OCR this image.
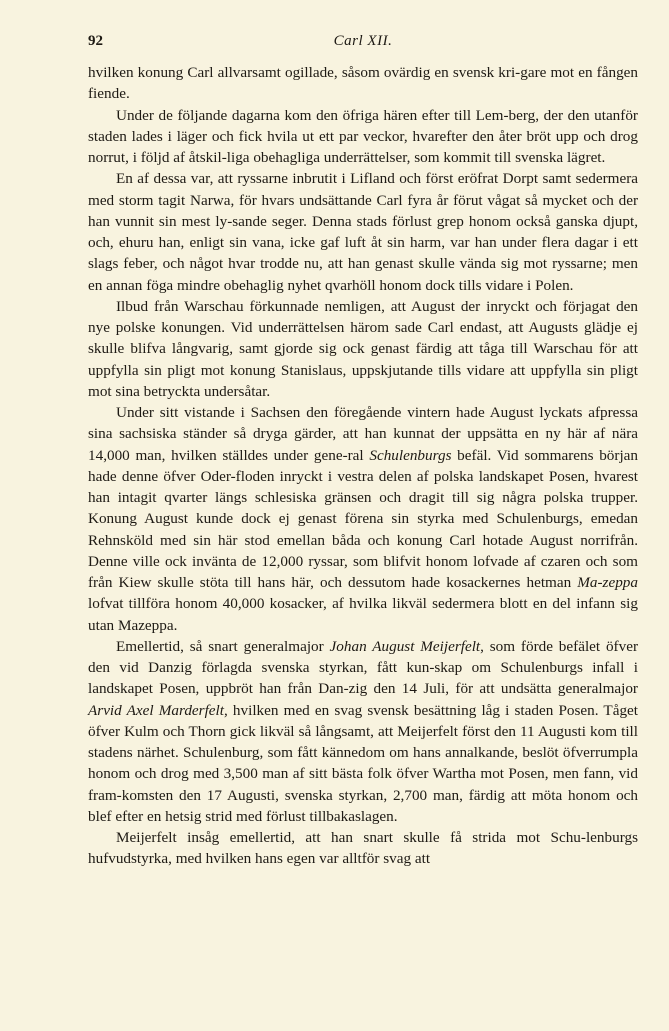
92	Carl XII.

hvilken konung Carl allvarsamt ogillade, såsom ovärdig en svensk kri-gare mot en fången fiende.

Under de följande dagarna kom den öfriga hären efter till Lem-berg, der den utanför staden lades i läger och fick hvila ut ett par veckor, hvarefter den åter bröt upp och drog norrut, i följd af åtskil-liga obehagliga underrättelser, som kommit till svenska lägret.

En af dessa var, att ryssarne inbrutit i Lifland och först eröfrat Dorpt samt sedermera med storm tagit Narwa, för hvars undsättande Carl fyra år förut vågat så mycket och der han vunnit sin mest ly-sande seger. Denna stads förlust grep honom också ganska djupt, och, ehuru han, enligt sin vana, icke gaf luft åt sin harm, var han under flera dagar i ett slags feber, och något hvar trodde nu, att han genast skulle vända sig mot ryssarne; men en annan föga mindre obehaglig nyhet qvarhöll honom dock tills vidare i Polen.

Ilbud från Warschau förkunnade nemligen, att August der inryckt och förjagat den nye polske konungen. Vid underrättelsen härom sade Carl endast, att Augusts glädje ej skulle blifva långvarig, samt gjorde sig ock genast färdig att tåga till Warschau för att uppfylla sin pligt mot konung Stanislaus, uppskjutande tills vidare att uppfylla sin pligt mot sina betryckta undersåtar.

Under sitt vistande i Sachsen den föregående vintern hade August lyckats afpressa sina sachsiska ständer så dryga gärder, att han kunnat der uppsätta en ny här af nära 14,000 man, hvilken ställdes under gene-ral Schulenburgs befäl. Vid sommarens början hade denne öfver Oder-floden inryckt i vestra delen af polska landskapet Posen, hvarest han intagit qvarter längs schlesiska gränsen och dragit till sig några polska trupper. Konung August kunde dock ej genast förena sin styrka med Schulenburgs, emedan Rehnsköld med sin här stod emellan båda och konung Carl hotade August norrifrån. Denne ville ock invänta de 12,000 ryssar, som blifvit honom lofvade af czaren och som från Kiew skulle stöta till hans här, och dessutom hade kosackernes hetman Ma-zeppa lofvat tillföra honom 40,000 kosacker, af hvilka likväl sedermera blott en del infann sig utan Mazeppa.

Emellertid, så snart generalmajor Johan August Meijerfelt, som förde befälet öfver den vid Danzig förlagda svenska styrkan, fått kun-skap om Schulenburgs infall i landskapet Posen, uppbröt han från Dan-zig den 14 Juli, för att undsätta generalmajor Arvid Axel Marderfelt, hvilken med en svag svensk besättning låg i staden Posen. Tåget öfver Kulm och Thorn gick likväl så långsamt, att Meijerfelt först den 11 Augusti kom till stadens närhet. Schulenburg, som fått kännedom om hans annalkande, beslöt öfverrumpla honom och drog med 3,500 man af sitt bästa folk öfver Wartha mot Posen, men fann, vid fram-komsten den 17 Augusti, svenska styrkan, 2,700 man, färdig att möta honom och blef efter en hetsig strid med förlust tillbakaslagen.

Meijerfelt insåg emellertid, att han snart skulle få strida mot Schu-lenburgs hufvudstyrka, med hvilken hans egen var alltför svag att
